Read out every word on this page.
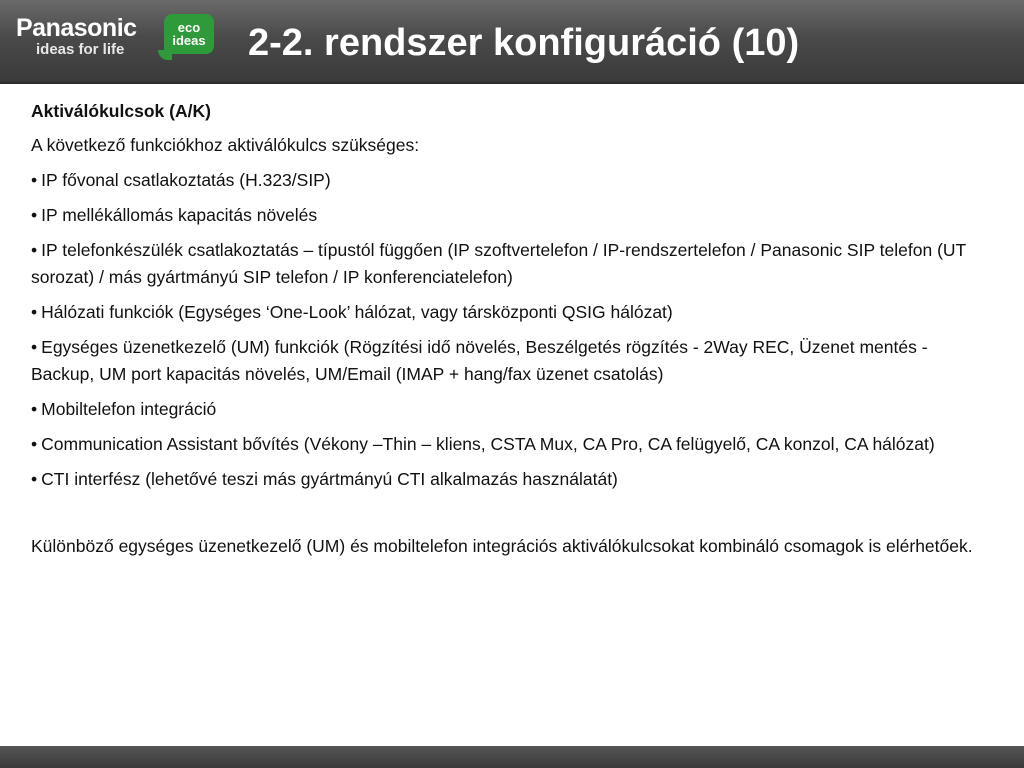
Panasonic
ideas for life
eco
ideas 2-2. rendszer konfiguráció (10)

Aktiválókulcsok (A/K)

A következő funkciókhoz aktiválókulcs szükséges:

• IP fővonal csatlakoztatás (H.323/SIP)
• IP mellékállomás kapacitás növelés
• IP telefonkészülék csatlakoztatás – típustól függően (IP szoftvertelefon / IP-rendszertelefon / Panasonic SIP telefon (UT sorozat) / más gyártmányú SIP telefon / IP konferenciatelefon)
• Hálózati funkciók (Egységes ‘One-Look’ hálózat, vagy társközponti QSIG hálózat)
• Egységes üzenetkezelő (UM) funkciók (Rögzítési idő növelés, Beszélgetés rögzítés - 2Way REC, Üzenet mentés - Backup, UM port kapacitás növelés, UM/Email (IMAP + hang/fax üzenet csatolás)
• Mobiltelefon integráció
• Communication Assistant bővítés (Vékony –Thin – kliens, CSTA Mux, CA Pro, CA felügyelő, CA konzol, CA hálózat)
• CTI interfész (lehetővé teszi más gyártmányú CTI alkalmazás használatát)

Különböző egységes üzenetkezelő (UM) és mobiltelefon integrációs aktiválókulcsokat kombináló csomagok is elérhetőek.
